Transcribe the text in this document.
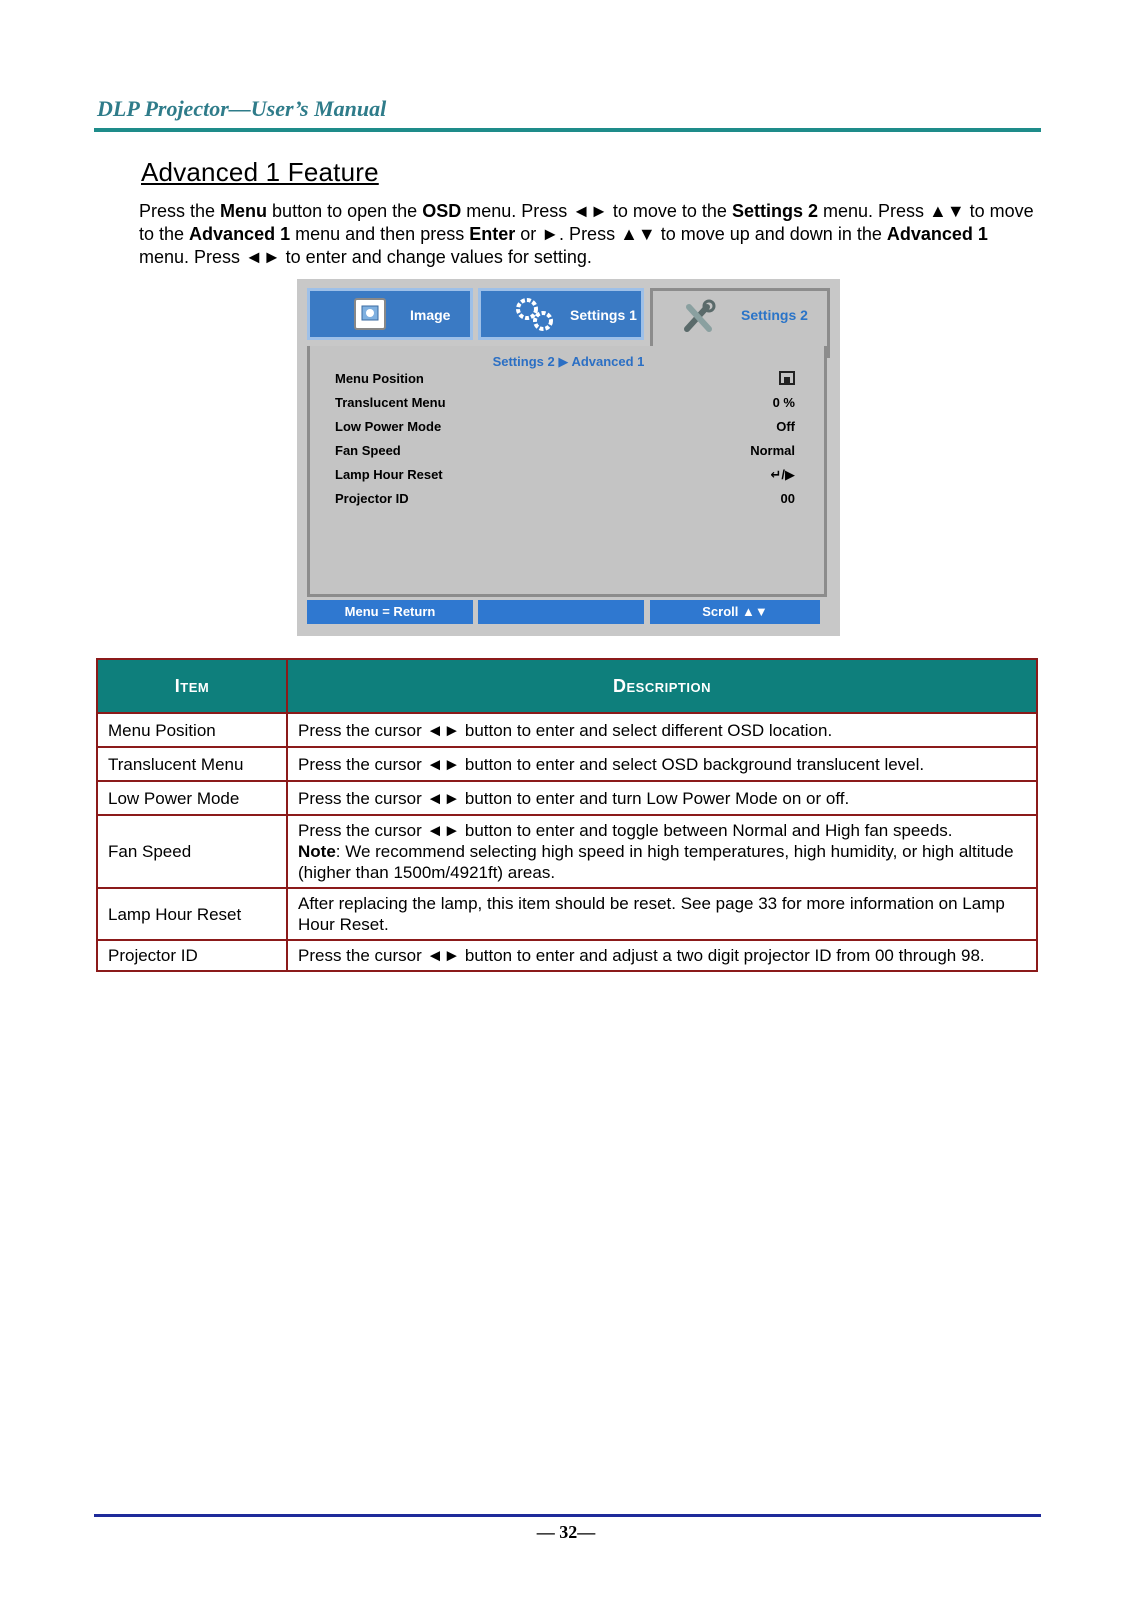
DLP Projector—User’s Manual
Advanced 1 Feature
Press the Menu button to open the OSD menu. Press ◄► to move to the Settings 2 menu. Press ▲▼ to move to the Advanced 1 menu and then press Enter or ►. Press ▲▼ to move up and down in the Advanced 1 menu. Press ◄► to enter and change values for setting.
Image	Settings 1	Settings 2
Settings 2 ▶ Advanced 1
Menu Position
Translucent Menu	0 %
Low Power Mode	Off
Fan Speed	Normal
Lamp Hour Reset	↵/▶
Projector ID	00
Menu = Return	Scroll ▲▼
Item	Description
Menu Position	Press the cursor ◄► button to enter and select different OSD location.
Translucent Menu	Press the cursor ◄► button to enter and select OSD background translucent level.
Low Power Mode	Press the cursor ◄► button to enter and turn Low Power Mode on or off.
Fan Speed	Press the cursor ◄► button to enter and toggle between Normal and High fan speeds.
Note: We recommend selecting high speed in high temperatures, high humidity, or high altitude (higher than 1500m/4921ft) areas.

Lamp Hour Reset	After replacing the lamp, this item should be reset. See page 33 for more information on Lamp Hour Reset.
Projector ID	Press the cursor ◄► button to enter and adjust a two digit projector ID from 00 through 98.
— 32—
